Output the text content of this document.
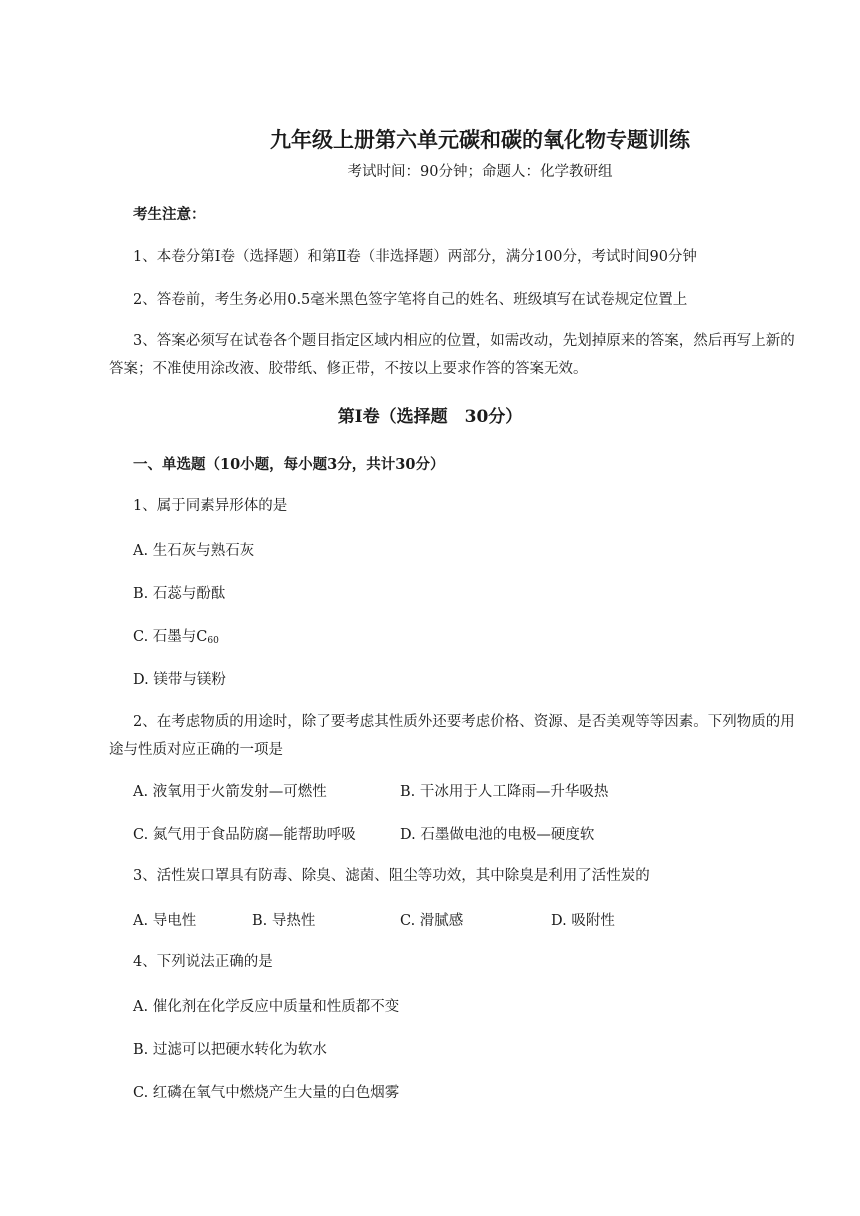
九年级上册第六单元碳和碳的氧化物专题训练
考试时间：90分钟；命题人：化学教研组
考生注意：
1、本卷分第Ⅰ卷（选择题）和第Ⅱ卷（非选择题）两部分，满分100分，考试时间90分钟
2、答卷前，考生务必用0.5毫米黑色签字笔将自己的姓名、班级填写在试卷规定位置上
3、答案必须写在试卷各个题目指定区域内相应的位置，如需改动，先划掉原来的答案，然后再写上新的答案；不准使用涂改液、胶带纸、修正带，不按以上要求作答的答案无效。
第Ⅰ卷（选择题　30分）
一、单选题（10小题，每小题3分，共计30分）
1、属于同素异形体的是
A. 生石灰与熟石灰
B. 石蕊与酚酞
C. 石墨与$C_{60}$
D. 镁带与镁粉
2、在考虑物质的用途时，除了要考虑其性质外还要考虑价格、资源、是否美观等等因素。下列物质的用途与性质对应正确的一项是
A. 液氧用于火箭发射—可燃性	B. 干冰用于人工降雨—升华吸热
C. 氮气用于食品防腐—能帮助呼吸	D. 石墨做电池的电极—硬度软
3、活性炭口罩具有防毒、除臭、滤菌、阻尘等功效，其中除臭是利用了活性炭的
A. 导电性	B. 导热性	C. 滑腻感	D. 吸附性
4、下列说法正确的是
A. 催化剂在化学反应中质量和性质都不变
B. 过滤可以把硬水转化为软水
C. 红磷在氧气中燃烧产生大量的白色烟雾
